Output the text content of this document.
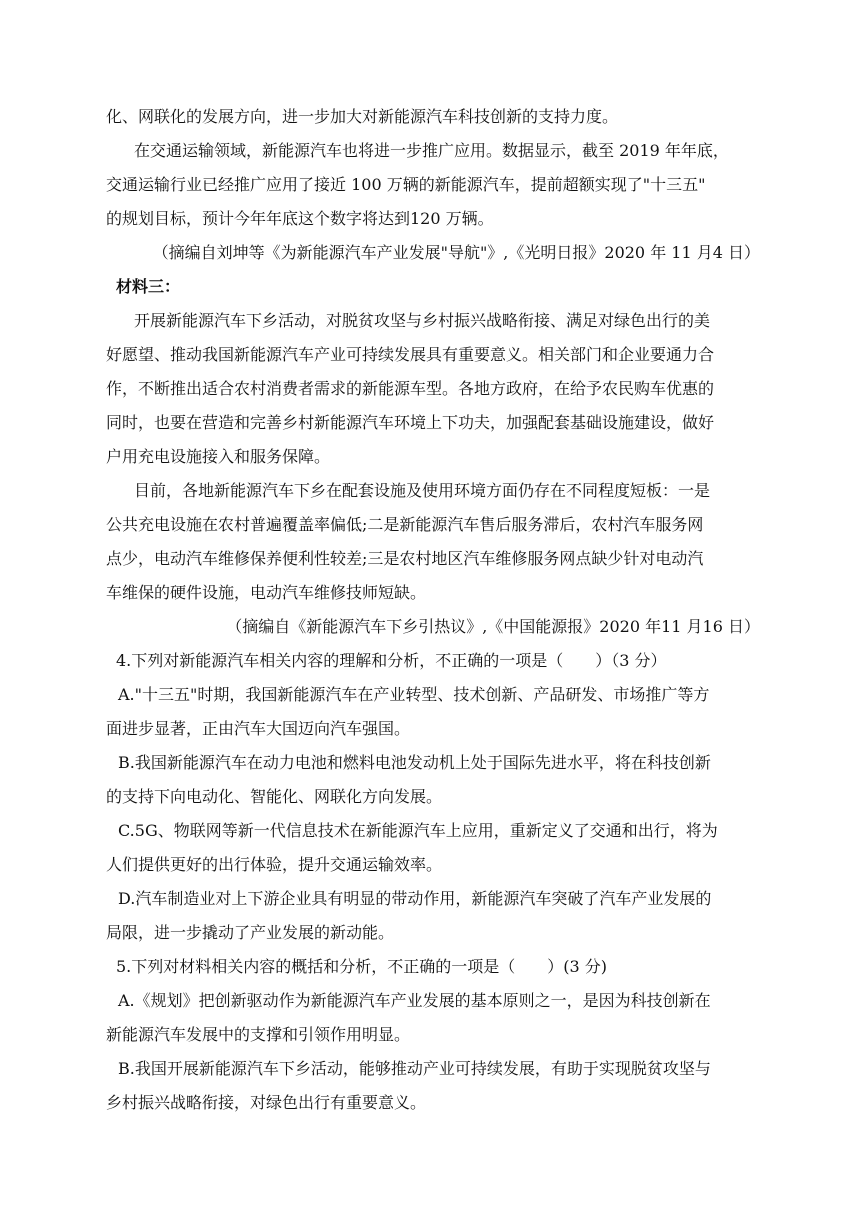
化、网联化的发展方向，进一步加大对新能源汽车科技创新的支持力度。
在交通运输领域，新能源汽车也将进一步推广应用。数据显示，截至 2019 年年底，
交通运输行业已经推广应用了接近 100 万辆的新能源汽车，提前超额实现了"十三五"
的规划目标，预计今年年底这个数字将达到120 万辆。
（摘编自刘坤等《为新能源汽车产业发展"导航"》,《光明日报》2020 年 11 月4 日）
材料三：
开展新能源汽车下乡活动，对脱贫攻坚与乡村振兴战略衔接、满足对绿色出行的美
好愿望、推动我国新能源汽车产业可持续发展具有重要意义。相关部门和企业要通力合
作，不断推出适合农村消费者需求的新能源车型。各地方政府，在给予农民购车优惠的
同时，也要在营造和完善乡村新能源汽车环境上下功夫，加强配套基础设施建设，做好
户用充电设施接入和服务保障。
目前，各地新能源汽车下乡在配套设施及使用环境方面仍存在不同程度短板：一是
公共充电设施在农村普遍覆盖率偏低;二是新能源汽车售后服务滞后，农村汽车服务网
点少，电动汽车维修保养便利性较差;三是农村地区汽车维修服务网点缺少针对电动汽
车维保的硬件设施，电动汽车维修技师短缺。
（摘编自《新能源汽车下乡引热议》,《中国能源报》2020 年11 月16 日）
4.下列对新能源汽车相关内容的理解和分析，不正确的一项是（　　）（3 分）
A."十三五"时期，我国新能源汽车在产业转型、技术创新、产品研发、市场推广等方
面进步显著，正由汽车大国迈向汽车强国。
B.我国新能源汽车在动力电池和燃料电池发动机上处于国际先进水平，将在科技创新
的支持下向电动化、智能化、网联化方向发展。
C.5G、物联网等新一代信息技术在新能源汽车上应用，重新定义了交通和出行，将为
人们提供更好的出行体验，提升交通运输效率。
D.汽车制造业对上下游企业具有明显的带动作用，新能源汽车突破了汽车产业发展的
局限，进一步撬动了产业发展的新动能。
5.下列对材料相关内容的概括和分析，不正确的一项是（　　）(3 分)
A.《规划》把创新驱动作为新能源汽车产业发展的基本原则之一，是因为科技创新在
新能源汽车发展中的支撑和引领作用明显。
B.我国开展新能源汽车下乡活动，能够推动产业可持续发展，有助于实现脱贫攻坚与
乡村振兴战略衔接，对绿色出行有重要意义。
